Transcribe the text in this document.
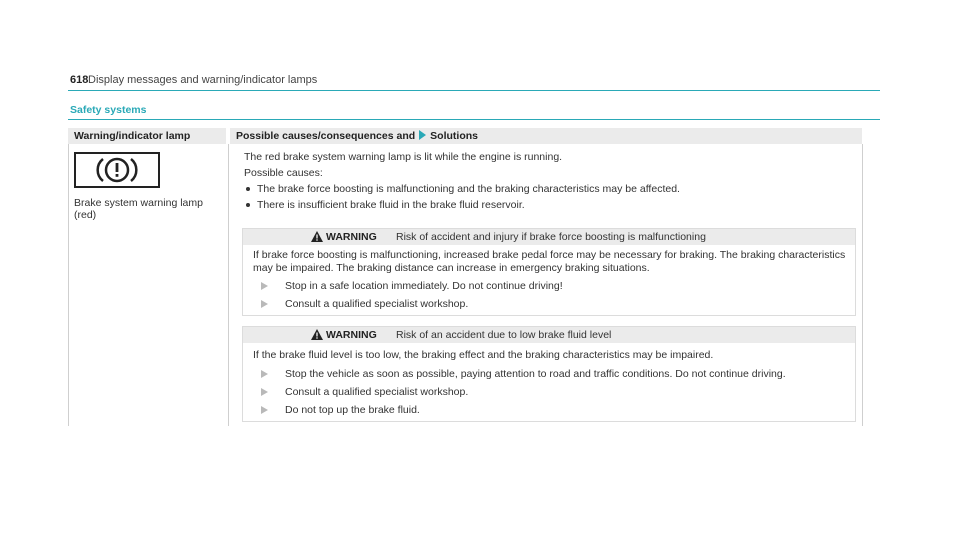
618 Display messages and warning/indicator lamps
Safety systems
Warning/indicator lamp	Possible causes/consequences and Solutions
Brake system warning lamp (red)
The red brake system warning lamp is lit while the engine is running.
Possible causes:
The brake force boosting is malfunctioning and the braking characteristics may be affected.
There is insufficient brake fluid in the brake fluid reservoir.
WARNING Risk of accident and injury if brake force boosting is malfunctioning
If brake force boosting is malfunctioning, increased brake pedal force may be necessary for braking. The braking characteristics may be impaired. The braking distance can increase in emergency braking situations.
Stop in a safe location immediately. Do not continue driving!
Consult a qualified specialist workshop.
WARNING Risk of an accident due to low brake fluid level
If the brake fluid level is too low, the braking effect and the braking characteristics may be impaired.
Stop the vehicle as soon as possible, paying attention to road and traffic conditions. Do not continue driving.
Consult a qualified specialist workshop.
Do not top up the brake fluid.
